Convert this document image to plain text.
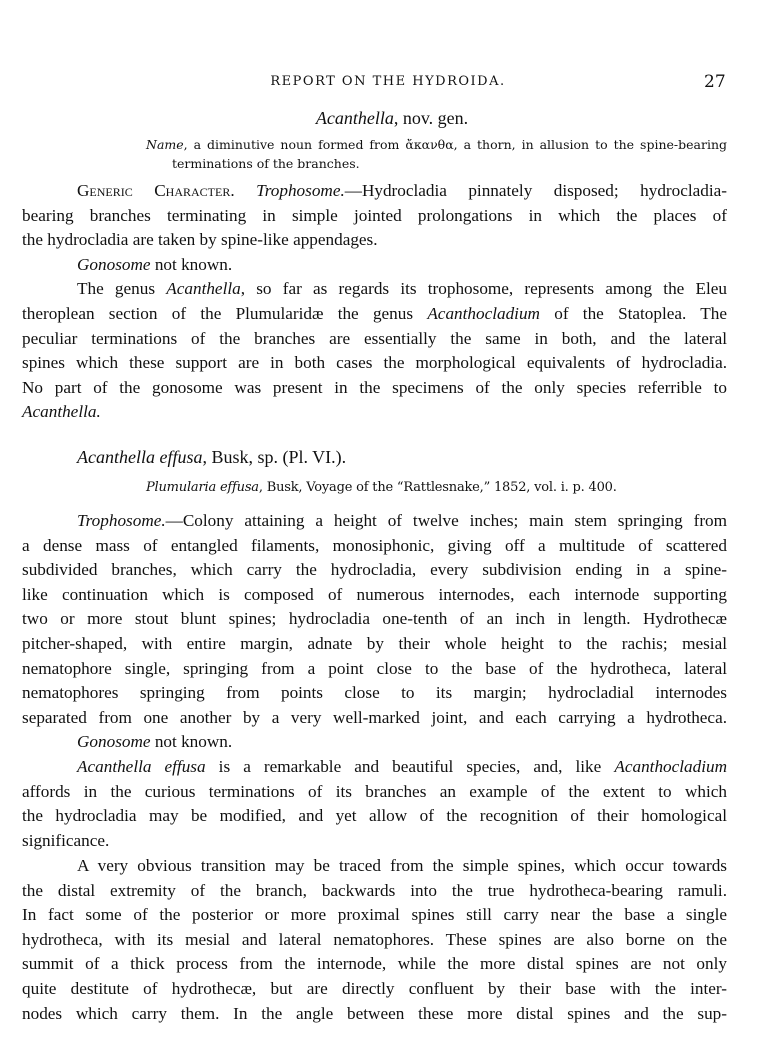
REPORT ON THE HYDROIDA.	27
Acanthella, nov. gen.
Name, a diminutive noun formed from ἄκανθα, a thorn, in allusion to the spine-bearing
terminations of the branches.
Generic Character. Trophosome.—Hydrocladia pinnately disposed; hydrocladia-
bearing branches terminating in simple jointed prolongations in which the places of
the hydrocladia are taken by spine-like appendages.
Gonosome not known.
The genus Acanthella, so far as regards its trophosome, represents among the Eleu
theroplean section of the Plumularidæ the genus Acanthocladium of the Statoplea. The
peculiar terminations of the branches are essentially the same in both, and the lateral
spines which these support are in both cases the morphological equivalents of hydrocladia.
No part of the gonosome was present in the specimens of the only species referrible to
Acanthella.
Acanthella effusa, Busk, sp. (Pl. VI.).
Plumularia effusa, Busk, Voyage of the “Rattlesnake,” 1852, vol. i. p. 400.
Trophosome.—Colony attaining a height of twelve inches; main stem springing from
a dense mass of entangled filaments, monosiphonic, giving off a multitude of scattered
subdivided branches, which carry the hydrocladia, every subdivision ending in a spine-
like continuation which is composed of numerous internodes, each internode supporting
two or more stout blunt spines; hydrocladia one-tenth of an inch in length. Hydrothecæ
pitcher-shaped, with entire margin, adnate by their whole height to the rachis; mesial
nematophore single, springing from a point close to the base of the hydrotheca, lateral
nematophores springing from points close to its margin; hydrocladial internodes
separated from one another by a very well-marked joint, and each carrying a hydrotheca.
Gonosome not known.
Acanthella effusa is a remarkable and beautiful species, and, like Acanthocladium
affords in the curious terminations of its branches an example of the extent to which
the hydrocladia may be modified, and yet allow of the recognition of their homological
significance.
A very obvious transition may be traced from the simple spines, which occur towards
the distal extremity of the branch, backwards into the true hydrotheca-bearing ramuli.
In fact some of the posterior or more proximal spines still carry near the base a single
hydrotheca, with its mesial and lateral nematophores. These spines are also borne on the
summit of a thick process from the internode, while the more distal spines are not only
quite destitute of hydrothecæ, but are directly confluent by their base with the inter-
nodes which carry them. In the angle between these more distal spines and the sup-
